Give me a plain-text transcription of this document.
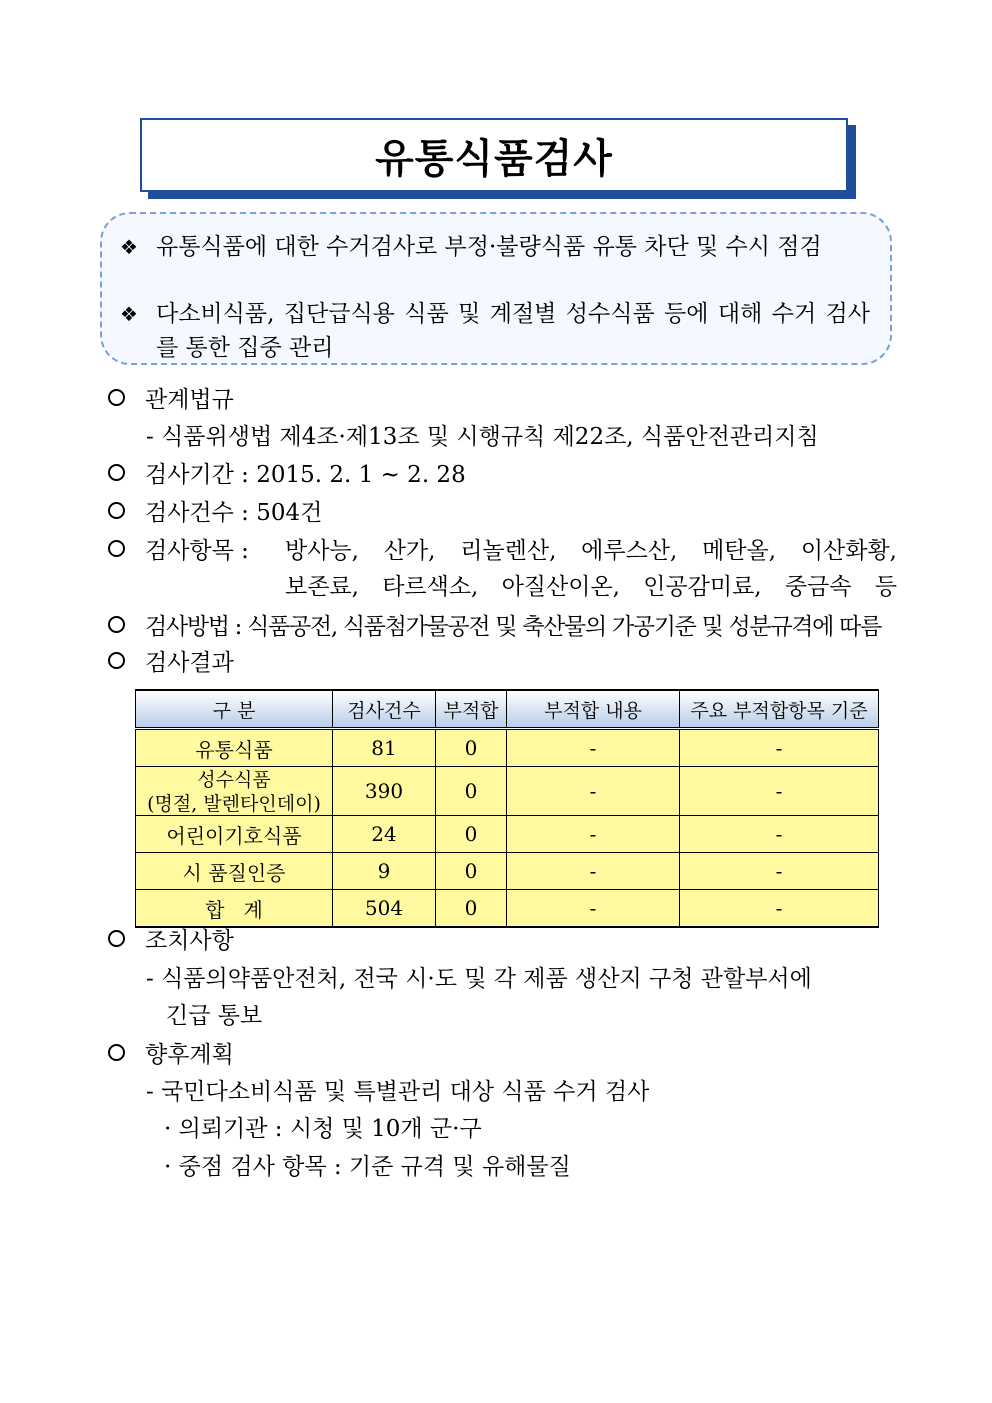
유통식품검사
❖ 유통식품에 대한 수거검사로 부정·불량식품 유통 차단 및 수시 점검
❖ 다소비식품, 집단급식용 식품 및 계절별 성수식품 등에 대해 수거 검사를 통한 집중 관리
관계법규
- 식품위생법 제4조·제13조 및 시행규칙 제22조, 식품안전관리지침
검사기간 : 2015. 2. 1 ~ 2. 28
검사건수 : 504건
검사항목 : 방사능, 산가, 리놀렌산, 에루스산, 메탄올, 이산화황,
보존료, 타르색소, 아질산이온, 인공감미료, 중금속 등
검사방법 : 식품공전, 식품첨가물공전 및 축산물의 가공기준 및 성분규격에 따름
검사결과
구 분	검사건수	부적합	부적합 내용	주요 부적합항목 기준
유통식품	81	0	-	-
성수식품
(명절, 발렌타인데이)	390	0	-	-
어린이기호식품	24	0	-	-
시 품질인증	9	0	-	-
합   계	504	0	-	-
조치사항
- 식품의약품안전처, 전국 시·도 및 각 제품 생산지 구청 관할부서에
긴급 통보
향후계획
- 국민다소비식품 및 특별관리 대상 식품 수거 검사
· 의뢰기관 : 시청 및 10개 군·구
· 중점 검사 항목 : 기준 규격 및 유해물질
